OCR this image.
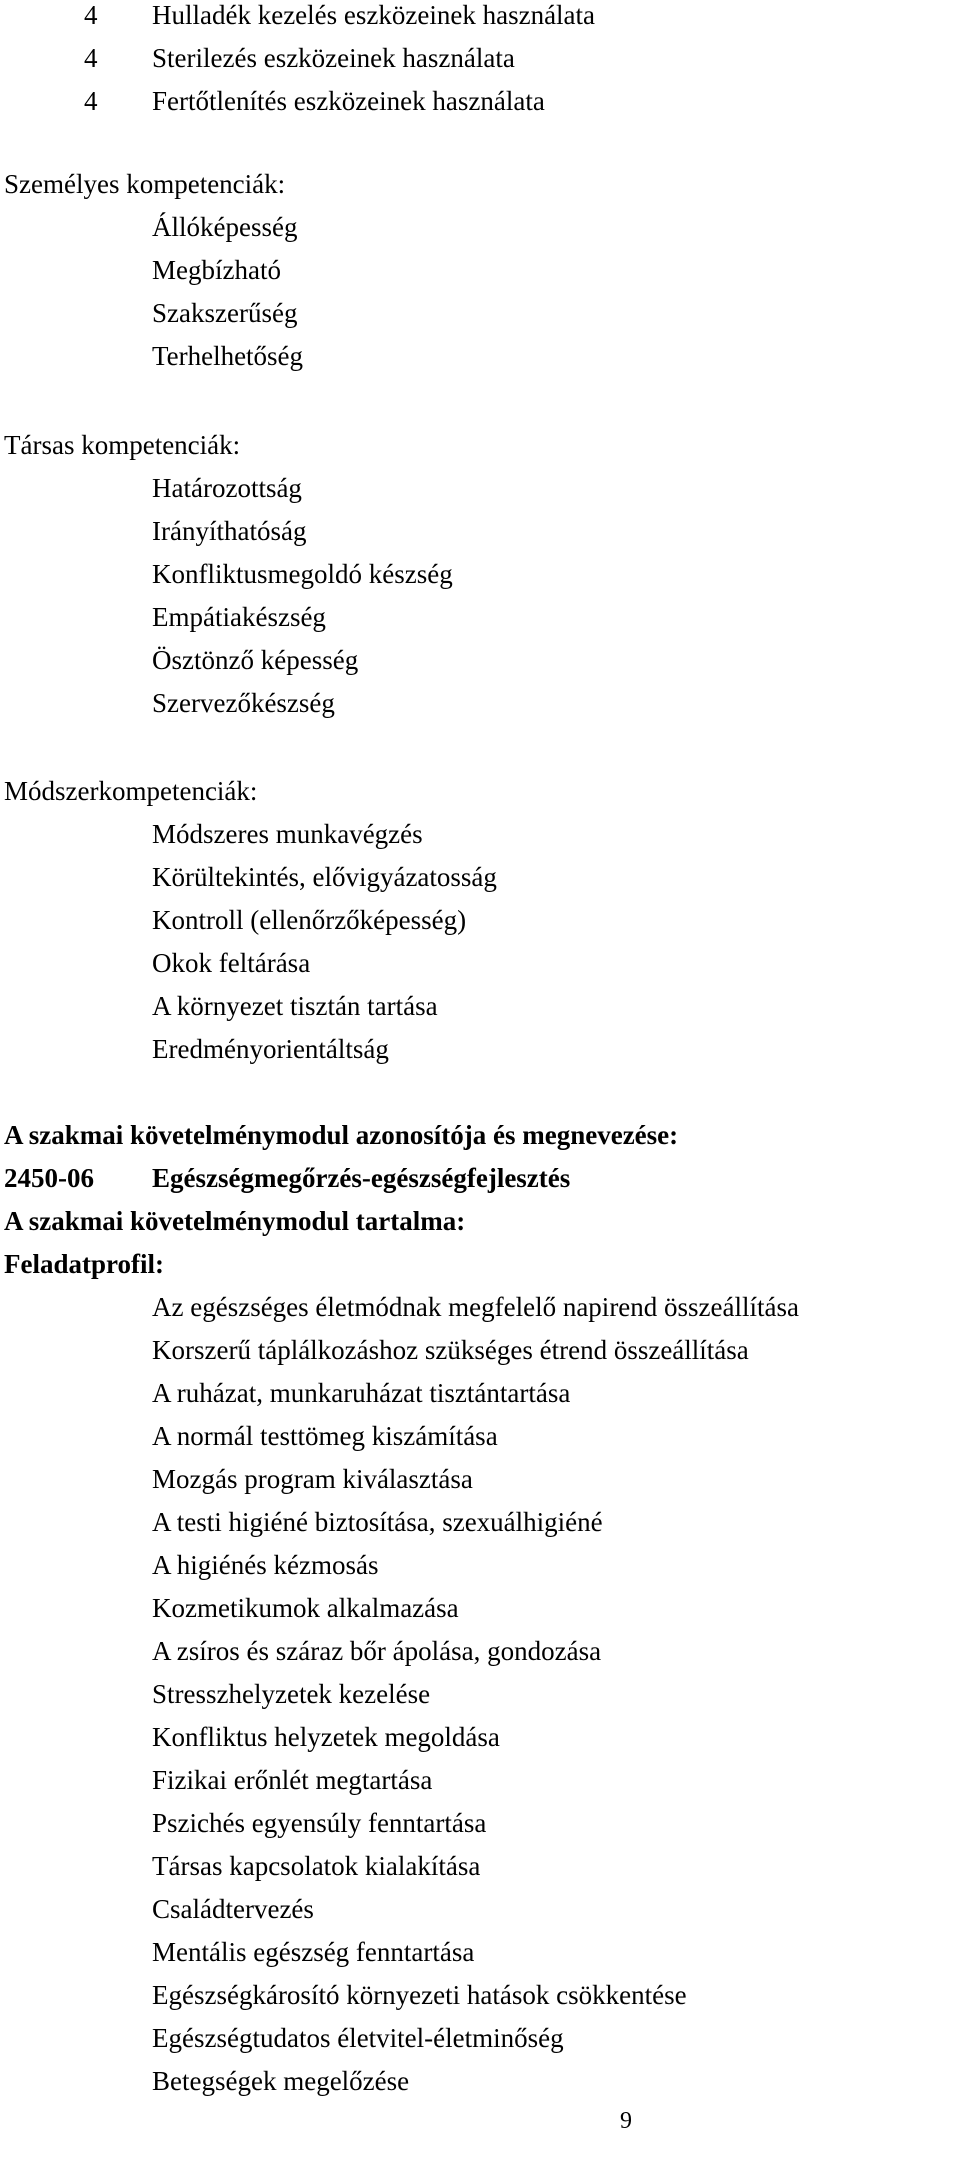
4 Hulladék kezelés eszközeinek használata
4 Sterilezés eszközeinek használata
4 Fertőtlenítés eszközeinek használata
Személyes kompetenciák:
Állóképesség
Megbízható
Szakszerűség
Terhelhetőség
Társas kompetenciák:
Határozottság
Irányíthatóság
Konfliktusmegoldó készség
Empátiakészség
Ösztönző képesség
Szervezőkészség
Módszerkompetenciák:
Módszeres munkavégzés
Körültekintés, elővigyázatosság
Kontroll (ellenőrzőképesség)
Okok feltárása
A környezet tisztán tartása
Eredményorientáltság
A szakmai követelménymodul azonosítója és megnevezése:
2450-06 Egészségmegőrzés-egészségfejlesztés
A szakmai követelménymodul tartalma:
Feladatprofil:
Az egészséges életmódnak megfelelő napirend összeállítása
Korszerű táplálkozáshoz szükséges étrend összeállítása
A ruházat, munkaruházat tisztántartása
A normál testtömeg kiszámítása
Mozgás program kiválasztása
A testi higiéné biztosítása, szexuálhigiéné
A higiénés kézmosás
Kozmetikumok alkalmazása
A zsíros és száraz bőr ápolása, gondozása
Stresszhelyzetek kezelése
Konfliktus helyzetek megoldása
Fizikai erőnlét megtartása
Pszichés egyensúly fenntartása
Társas kapcsolatok kialakítása
Családtervezés
Mentális egészség fenntartása
Egészségkárosító környezeti hatások csökkentése
Egészségtudatos életvitel-életminőség
Betegségek megelőzése
9
